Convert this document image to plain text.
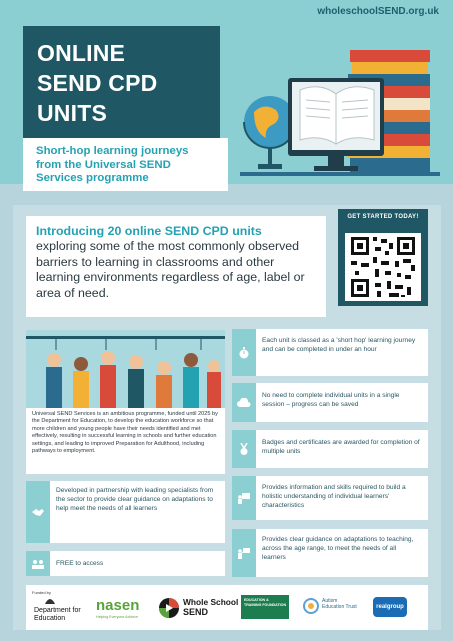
wholeschoolSEND.org.uk
ONLINE
SEND CPD
UNITS
Short-hop learning journeys
from the Universal SEND
Services programme
Introducing 20 online SEND CPD units
exploring some of the most commonly observed barriers to learning in classrooms and other learning environments regardless of age, label or area of need.
GET STARTED TODAY!
Universal SEND Services is an ambitious programme, funded until 2025 by the Department for Education, to develop the education workforce so that more children and young people have their needs identified and met effectively, resulting in successful learning in schools and further education settings, and leading to improved Preparation for Adulthood, including pathways to employment.
Developed in partnership with leading specialists from the sector to provide clear guidance on adaptations to help meet the needs of all learners
FREE to access
Each unit is classed as a 'short hop' learning journey and can be completed in under an hour
No need to complete individual units in a single session – progress can be saved
Badges and certificates are awarded for completion of multiple units
Provides information and skills required to build a holistic understanding of individual learners' characteristics
Provides clear guidance on adaptations to teaching, across the age range, to meet the needs of all learners
Funded by
Department for Education
nasen
Helping Everyone Achieve
Whole School
SEND
EDUCATION & TRAINING FOUNDATION
Autism Education Trust	realgroup
